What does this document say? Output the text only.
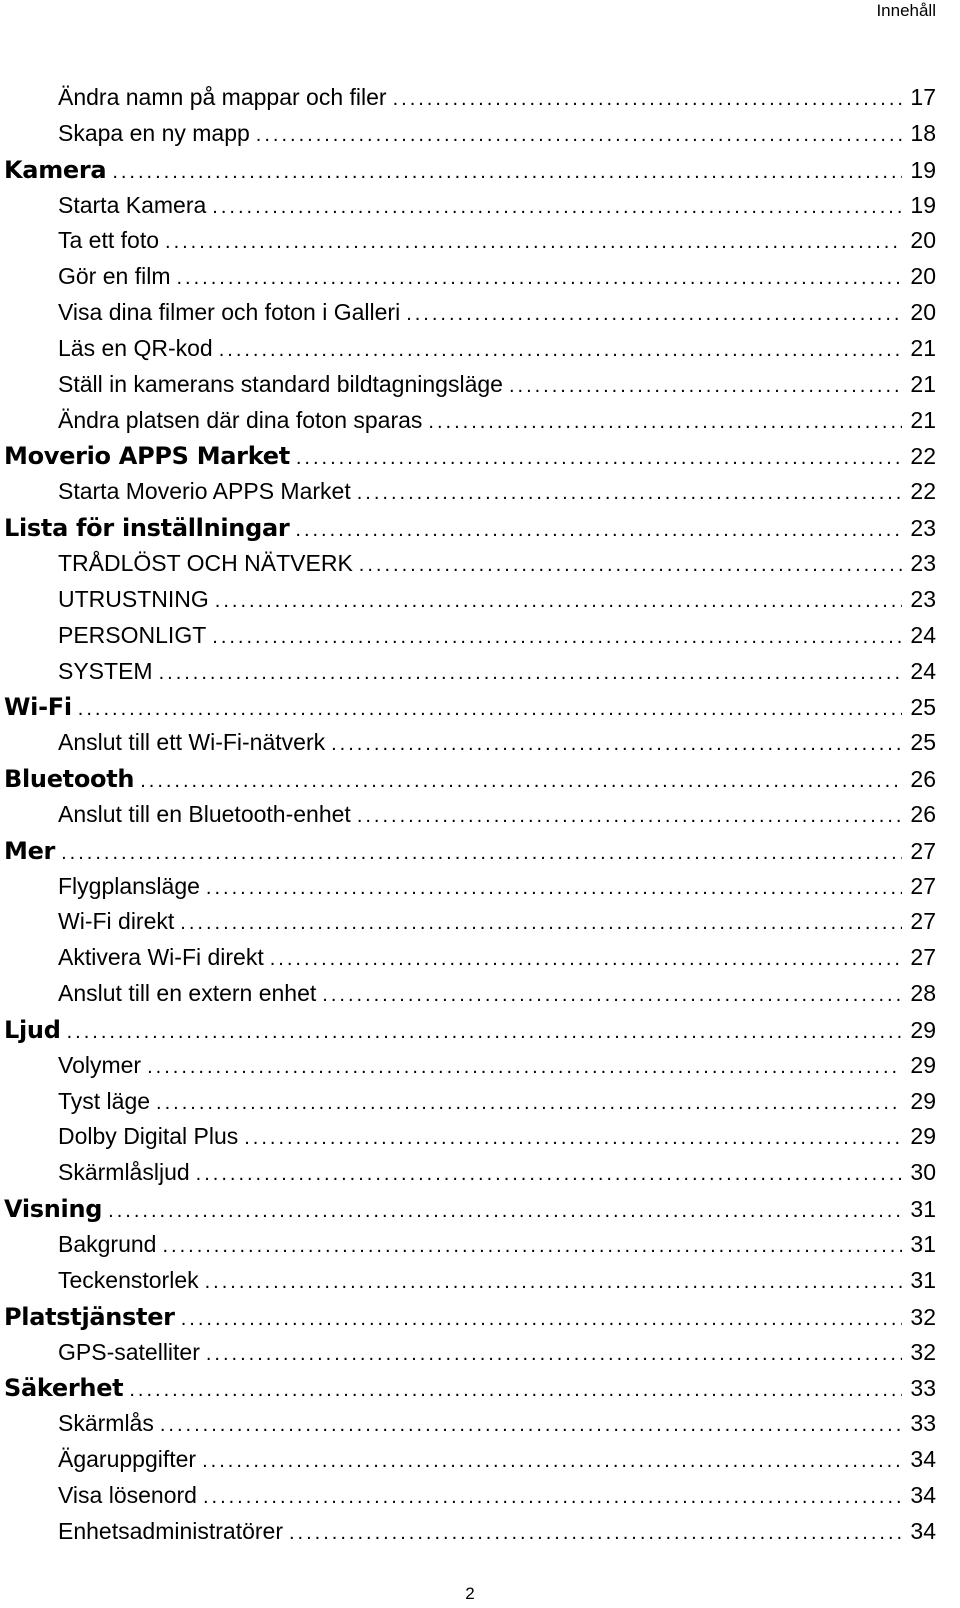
Innehåll
Ändra namn på mappar och filer .....	17
Skapa en ny mapp .....	18
Kamera .....	19
Starta Kamera .....	19
Ta ett foto .....	20
Gör en film .....	20
Visa dina filmer och foton i Galleri .....	20
Läs en QR-kod .....	21
Ställ in kamerans standard bildtagningsläge .....	21
Ändra platsen där dina foton sparas .....	21
Moverio APPS Market .....	22
Starta Moverio APPS Market .....	22
Lista för inställningar .....	23
TRÅDLÖST OCH NÄTVERK .....	23
UTRUSTNING .....	23
PERSONLIGT .....	24
SYSTEM .....	24
Wi-Fi .....	25
Anslut till ett Wi-Fi-nätverk .....	25
Bluetooth .....	26
Anslut till en Bluetooth-enhet .....	26
Mer .....	27
Flygplansläge .....	27
Wi-Fi direkt .....	27
Aktivera Wi-Fi direkt .....	27
Anslut till en extern enhet .....	28
Ljud .....	29
Volymer .....	29
Tyst läge .....	29
Dolby Digital Plus .....	29
Skärmlåsljud .....	30
Visning .....	31
Bakgrund .....	31
Teckenstorlek .....	31
Platstjänster .....	32
GPS-satelliter .....	32
Säkerhet .....	33
Skärmlås .....	33
Ägaruppgifter .....	34
Visa lösenord .....	34
Enhetsadministratörer .....	34
2
